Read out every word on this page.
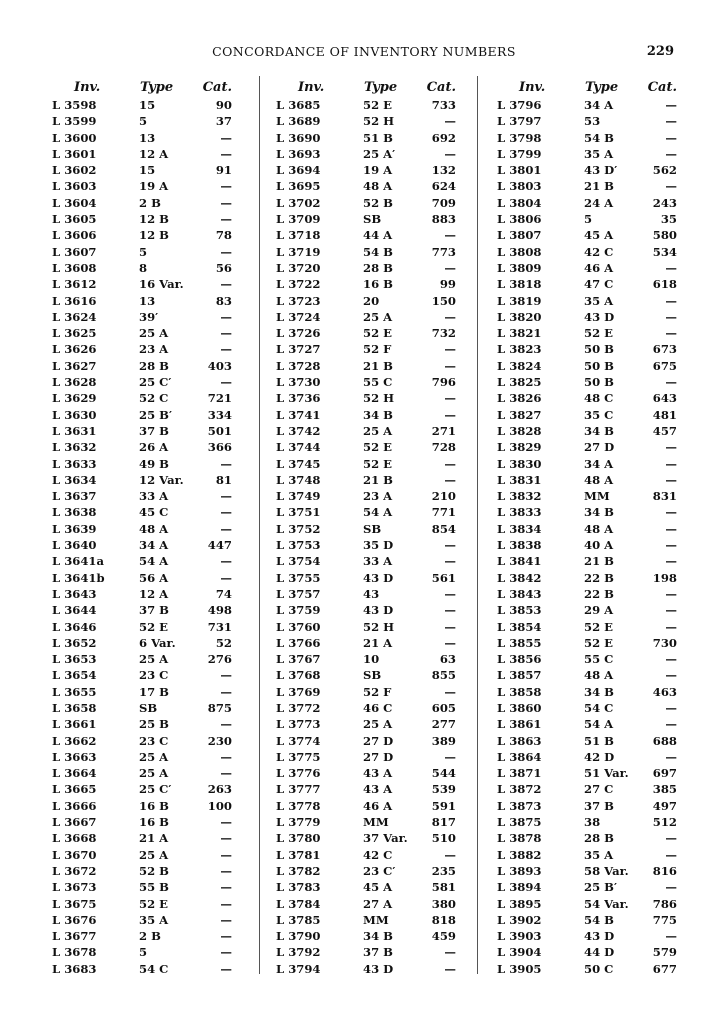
CONCORDANCE OF INVENTORY NUMBERS	229
Inv.	Type Cat.
L 3598	15	90
L 3599	5	37
L 3600	13	—
L 3601	12 A	—
L 3602	15	91
L 3603	19 A	—
L 3604	2 B	—
L 3605	12 B	—
L 3606	12 B	78
L 3607	5	—
L 3608	8	56
L 3612	16 Var.	—
L 3616	13	83
L 3624	39′	—
L 3625	25 A	—
L 3626	23 A	—
L 3627	28 B	403
L 3628	25 C′	—
L 3629	52 C	721
L 3630	25 B′	334
L 3631	37 B	501
L 3632	26 A	366
L 3633	49 B	—
L 3634	12 Var.	81
L 3637	33 A	—
L 3638	45 C	—
L 3639	48 A	—
L 3640	34 A	447
L 3641a	54 A	—
L 3641b	56 A	—
L 3643	12 A	74
L 3644	37 B	498
L 3646	52 E	731
L 3652	6 Var.	52
L 3653	25 A	276
L 3654	23 C	—
L 3655	17 B	—
L 3658	SB	875
L 3661	25 B	—
L 3662	23 C	230
L 3663	25 A	—
L 3664	25 A	—
L 3665	25 C′	263
L 3666	16 B	100
L 3667	16 B	—
L 3668	21 A	—
L 3670	25 A	—
L 3672	52 B	—
L 3673	55 B	—
L 3675	52 E	—
L 3676	35 A	—
L 3677	2 B	—
L 3678	5	—
L 3683	54 C	—
Inv.	Type Cat.
L 3685	52 E	733
L 3689	52 H	—
L 3690	51 B	692
L 3693	25 A′	—
L 3694	19 A	132
L 3695	48 A	624
L 3702	52 B	709
L 3709	SB	883
L 3718	44 A	—
L 3719	54 B	773
L 3720	28 B	—
L 3722	16 B	99
L 3723	20	150
L 3724	25 A	—
L 3726	52 E	732
L 3727	52 F	—
L 3728	21 B	—
L 3730	55 C	796
L 3736	52 H	—
L 3741	34 B	—
L 3742	25 A	271
L 3744	52 E	728
L 3745	52 E	—
L 3748	21 B	—
L 3749	23 A	210
L 3751	54 A	771
L 3752	SB	854
L 3753	35 D	—
L 3754	33 A	—
L 3755	43 D	561
L 3757	43	—
L 3759	43 D	—
L 3760	52 H	—
L 3766	21 A	—
L 3767	10	63
L 3768	SB	855
L 3769	52 F	—
L 3772	46 C	605
L 3773	25 A	277
L 3774	27 D	389
L 3775	27 D	—
L 3776	43 A	544
L 3777	43 A	539
L 3778	46 A	591
L 3779	MM	817
L 3780	37 Var.	510
L 3781	42 C	—
L 3782	23 C′	235
L 3783	45 A	581
L 3784	27 A	380
L 3785	MM	818
L 3790	34 B	459
L 3792	37 B	—
L 3794	43 D	—
Inv.	Type Cat.
L 3796	34 A	—
L 3797	53	—
L 3798	54 B	—
L 3799	35 A	—
L 3801	43 D′	562
L 3803	21 B	—
L 3804	24 A	243
L 3806	5	35
L 3807	45 A	580
L 3808	42 C	534
L 3809	46 A	—
L 3818	47 C	618
L 3819	35 A	—
L 3820	43 D	—
L 3821	52 E	—
L 3823	50 B	673
L 3824	50 B	675
L 3825	50 B	—
L 3826	48 C	643
L 3827	35 C	481
L 3828	34 B	457
L 3829	27 D	—
L 3830	34 A	—
L 3831	48 A	—
L 3832	MM	831
L 3833	34 B	—
L 3834	48 A	—
L 3838	40 A	—
L 3841	21 B	—
L 3842	22 B	198
L 3843	22 B	—
L 3853	29 A	—
L 3854	52 E	—
L 3855	52 E	730
L 3856	55 C	—
L 3857	48 A	—
L 3858	34 B	463
L 3860	54 C	—
L 3861	54 A	—
L 3863	51 B	688
L 3864	42 D	—
L 3871	51 Var.	697
L 3872	27 C	385
L 3873	37 B	497
L 3875	38	512
L 3878	28 B	—
L 3882	35 A	—
L 3893	58 Var.	816
L 3894	25 B′	—
L 3895	54 Var.	786
L 3902	54 B	775
L 3903	43 D	—
L 3904	44 D	579
L 3905	50 C	677
